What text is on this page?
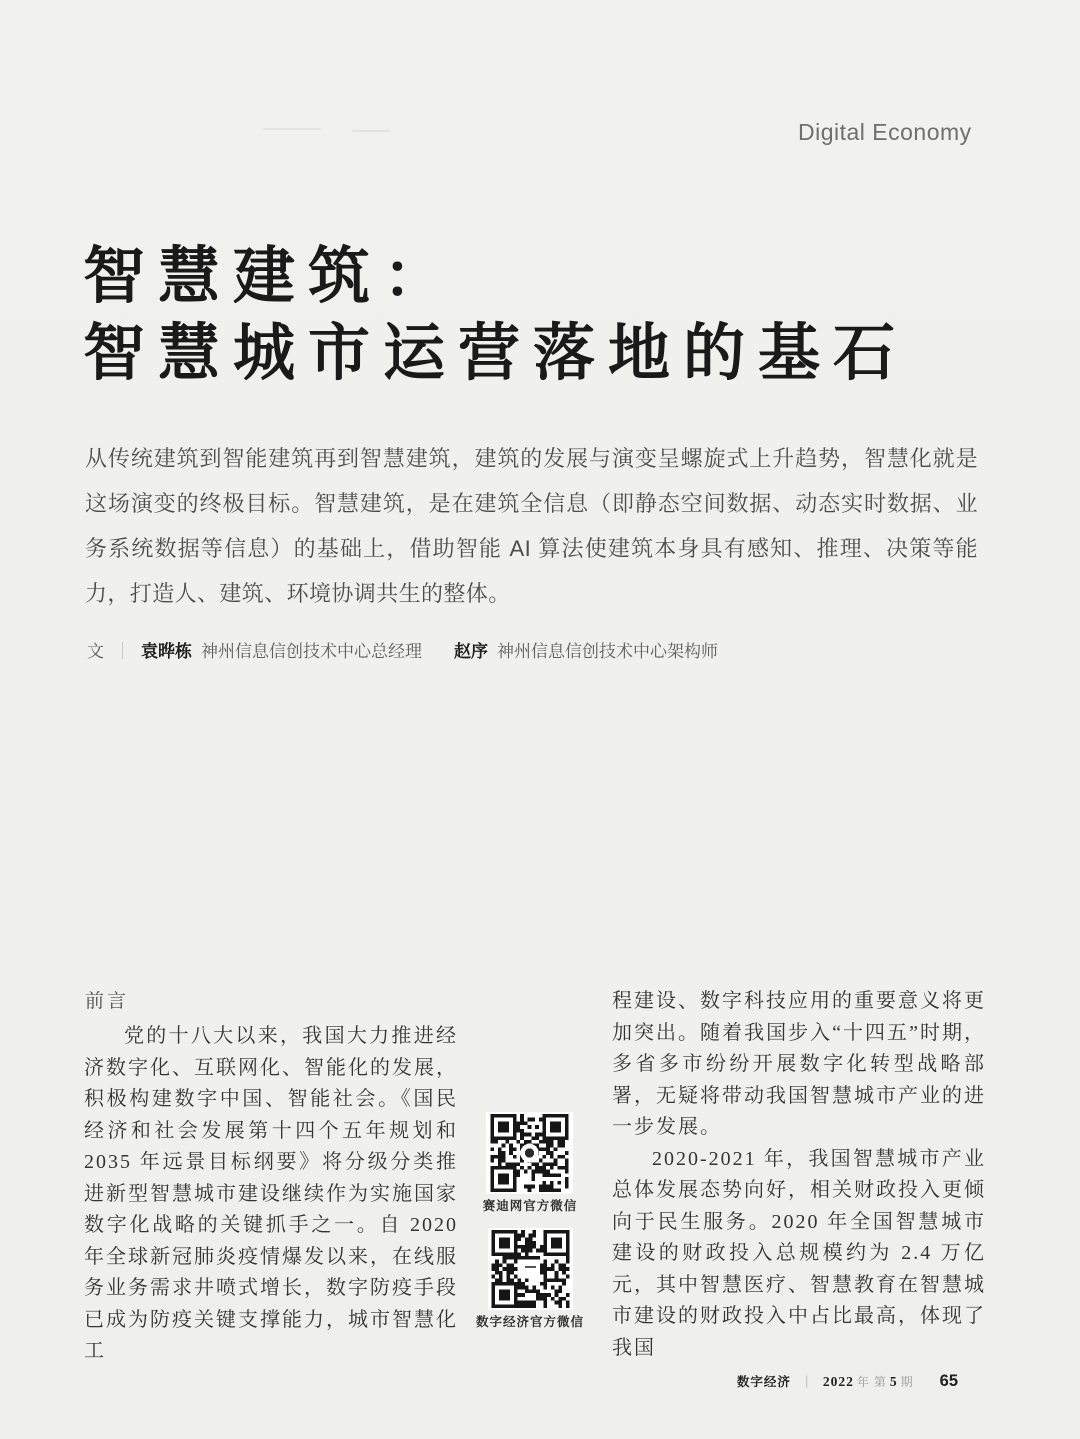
Digital Economy
智慧建筑：
智慧城市运营落地的基石

从传统建筑到智能建筑再到智慧建筑，建筑的发展与演变呈螺旋式上升趋势，智慧化就是这场演变的终极目标。智慧建筑，是在建筑全信息（即静态空间数据、动态实时数据、业务系统数据等信息）的基础上，借助智能 AI 算法使建筑本身具有感知、推理、决策等能力，打造人、建筑、环境协调共生的整体。

文 ｜ 袁晔栋 神州信息信创技术中心总经理 赵序 神州信息信创技术中心架构师
前言

党的十八大以来，我国大力推进经济数字化、互联网化、智能化的发展，积极构建数字中国、智能社会。《国民经济和社会发展第十四个五年规划和 2035 年远景目标纲要》将分级分类推进新型智慧城市建设继续作为实施国家数字化战略的关键抓手之一。自 2020 年全球新冠肺炎疫情爆发以来，在线服务业务需求井喷式增长，数字防疫手段已成为防疫关键支撑能力，城市智慧化工

程建设、数字科技应用的重要意义将更加突出。随着我国步入“十四五”时期，多省多市纷纷开展数字化转型战略部署，无疑将带动我国智慧城市产业的进一步发展。

2020-2021 年，我国智慧城市产业总体发展态势向好，相关财政投入更倾向于民生服务。2020 年全国智慧城市建设的财政投入总规模约为 2.4 万亿元，其中智慧医疗、智慧教育在智慧城市建设的财政投入中占比最高，体现了我国

赛迪网官方微信
数字经济官方微信
数字经济 ｜ 2022 年 第 5 期 65
